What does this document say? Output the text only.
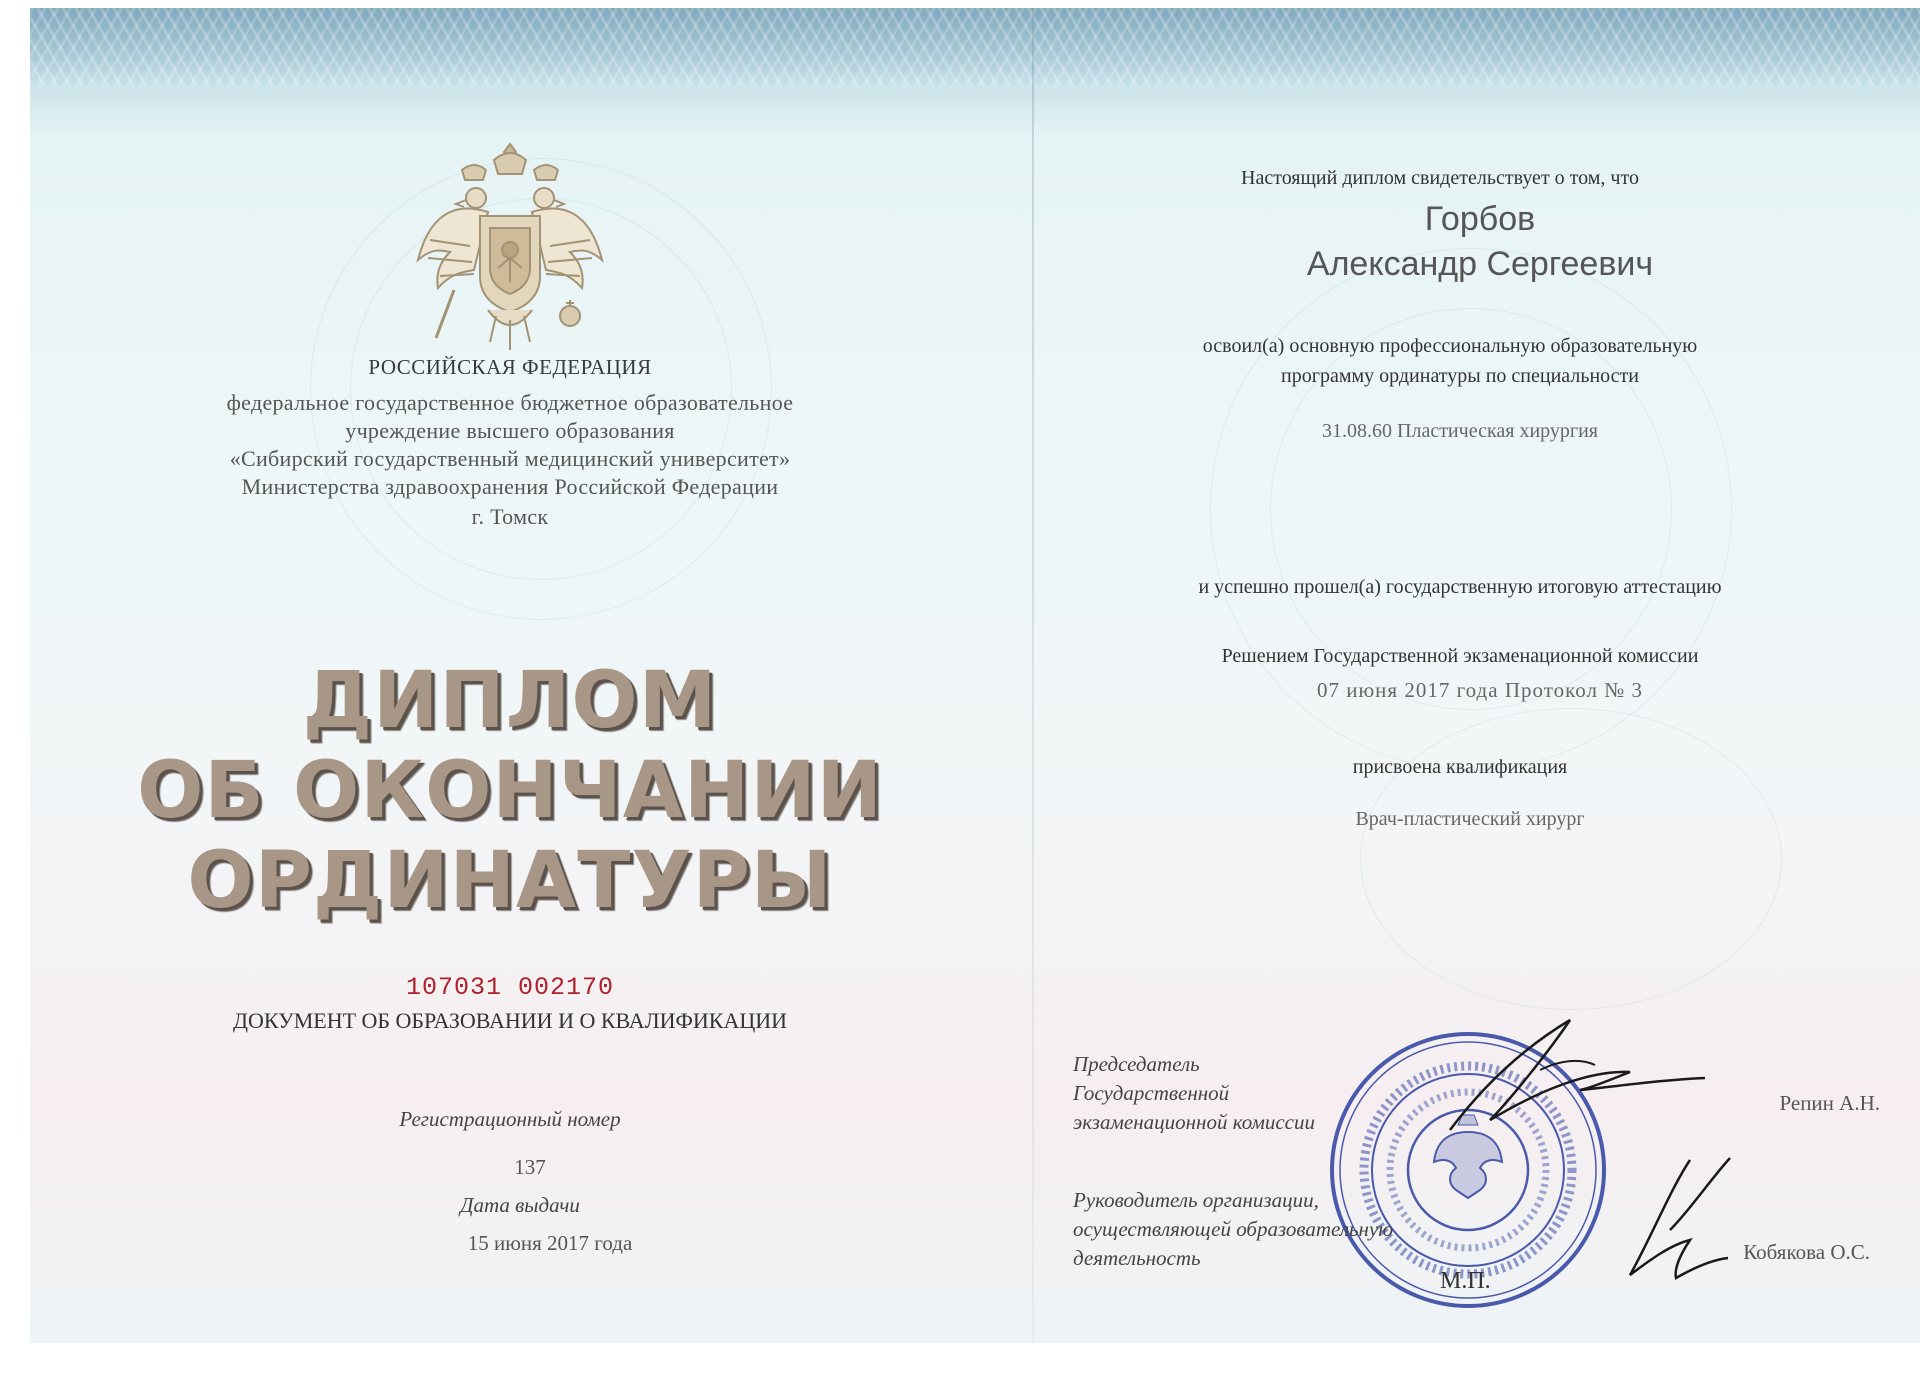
РОССИЙСКАЯ ФЕДЕРАЦИЯ
федеральное государственное бюджетное образовательное
учреждение высшего образования
«Сибирский государственный медицинский университет»
Министерства здравоохранения Российской Федерации
г. Томск
ДИПЛОМ
ОБ ОКОНЧАНИИ
ОРДИНАТУРЫ
107031 002170
ДОКУМЕНТ ОБ ОБРАЗОВАНИИ И О КВАЛИФИКАЦИИ
Регистрационный номер
137
Дата выдачи
15 июня 2017 года
Настоящий диплом свидетельствует о том, что
Горбов
Александр Сергеевич
освоил(а) основную профессиональную образовательную
программу ординатуры по специальности
31.08.60 Пластическая хирургия
и успешно прошел(а) государственную итоговую аттестацию
Решением Государственной экзаменационной комиссии
07 июня 2017 года Протокол № 3
присвоена квалификация
Врач-пластический хирург
Председатель
Государственной
экзаменационной комиссии
Репин А.Н.
Руководитель организации,
осуществляющей образовательную
деятельность	Кобякова О.С.
М.П.
